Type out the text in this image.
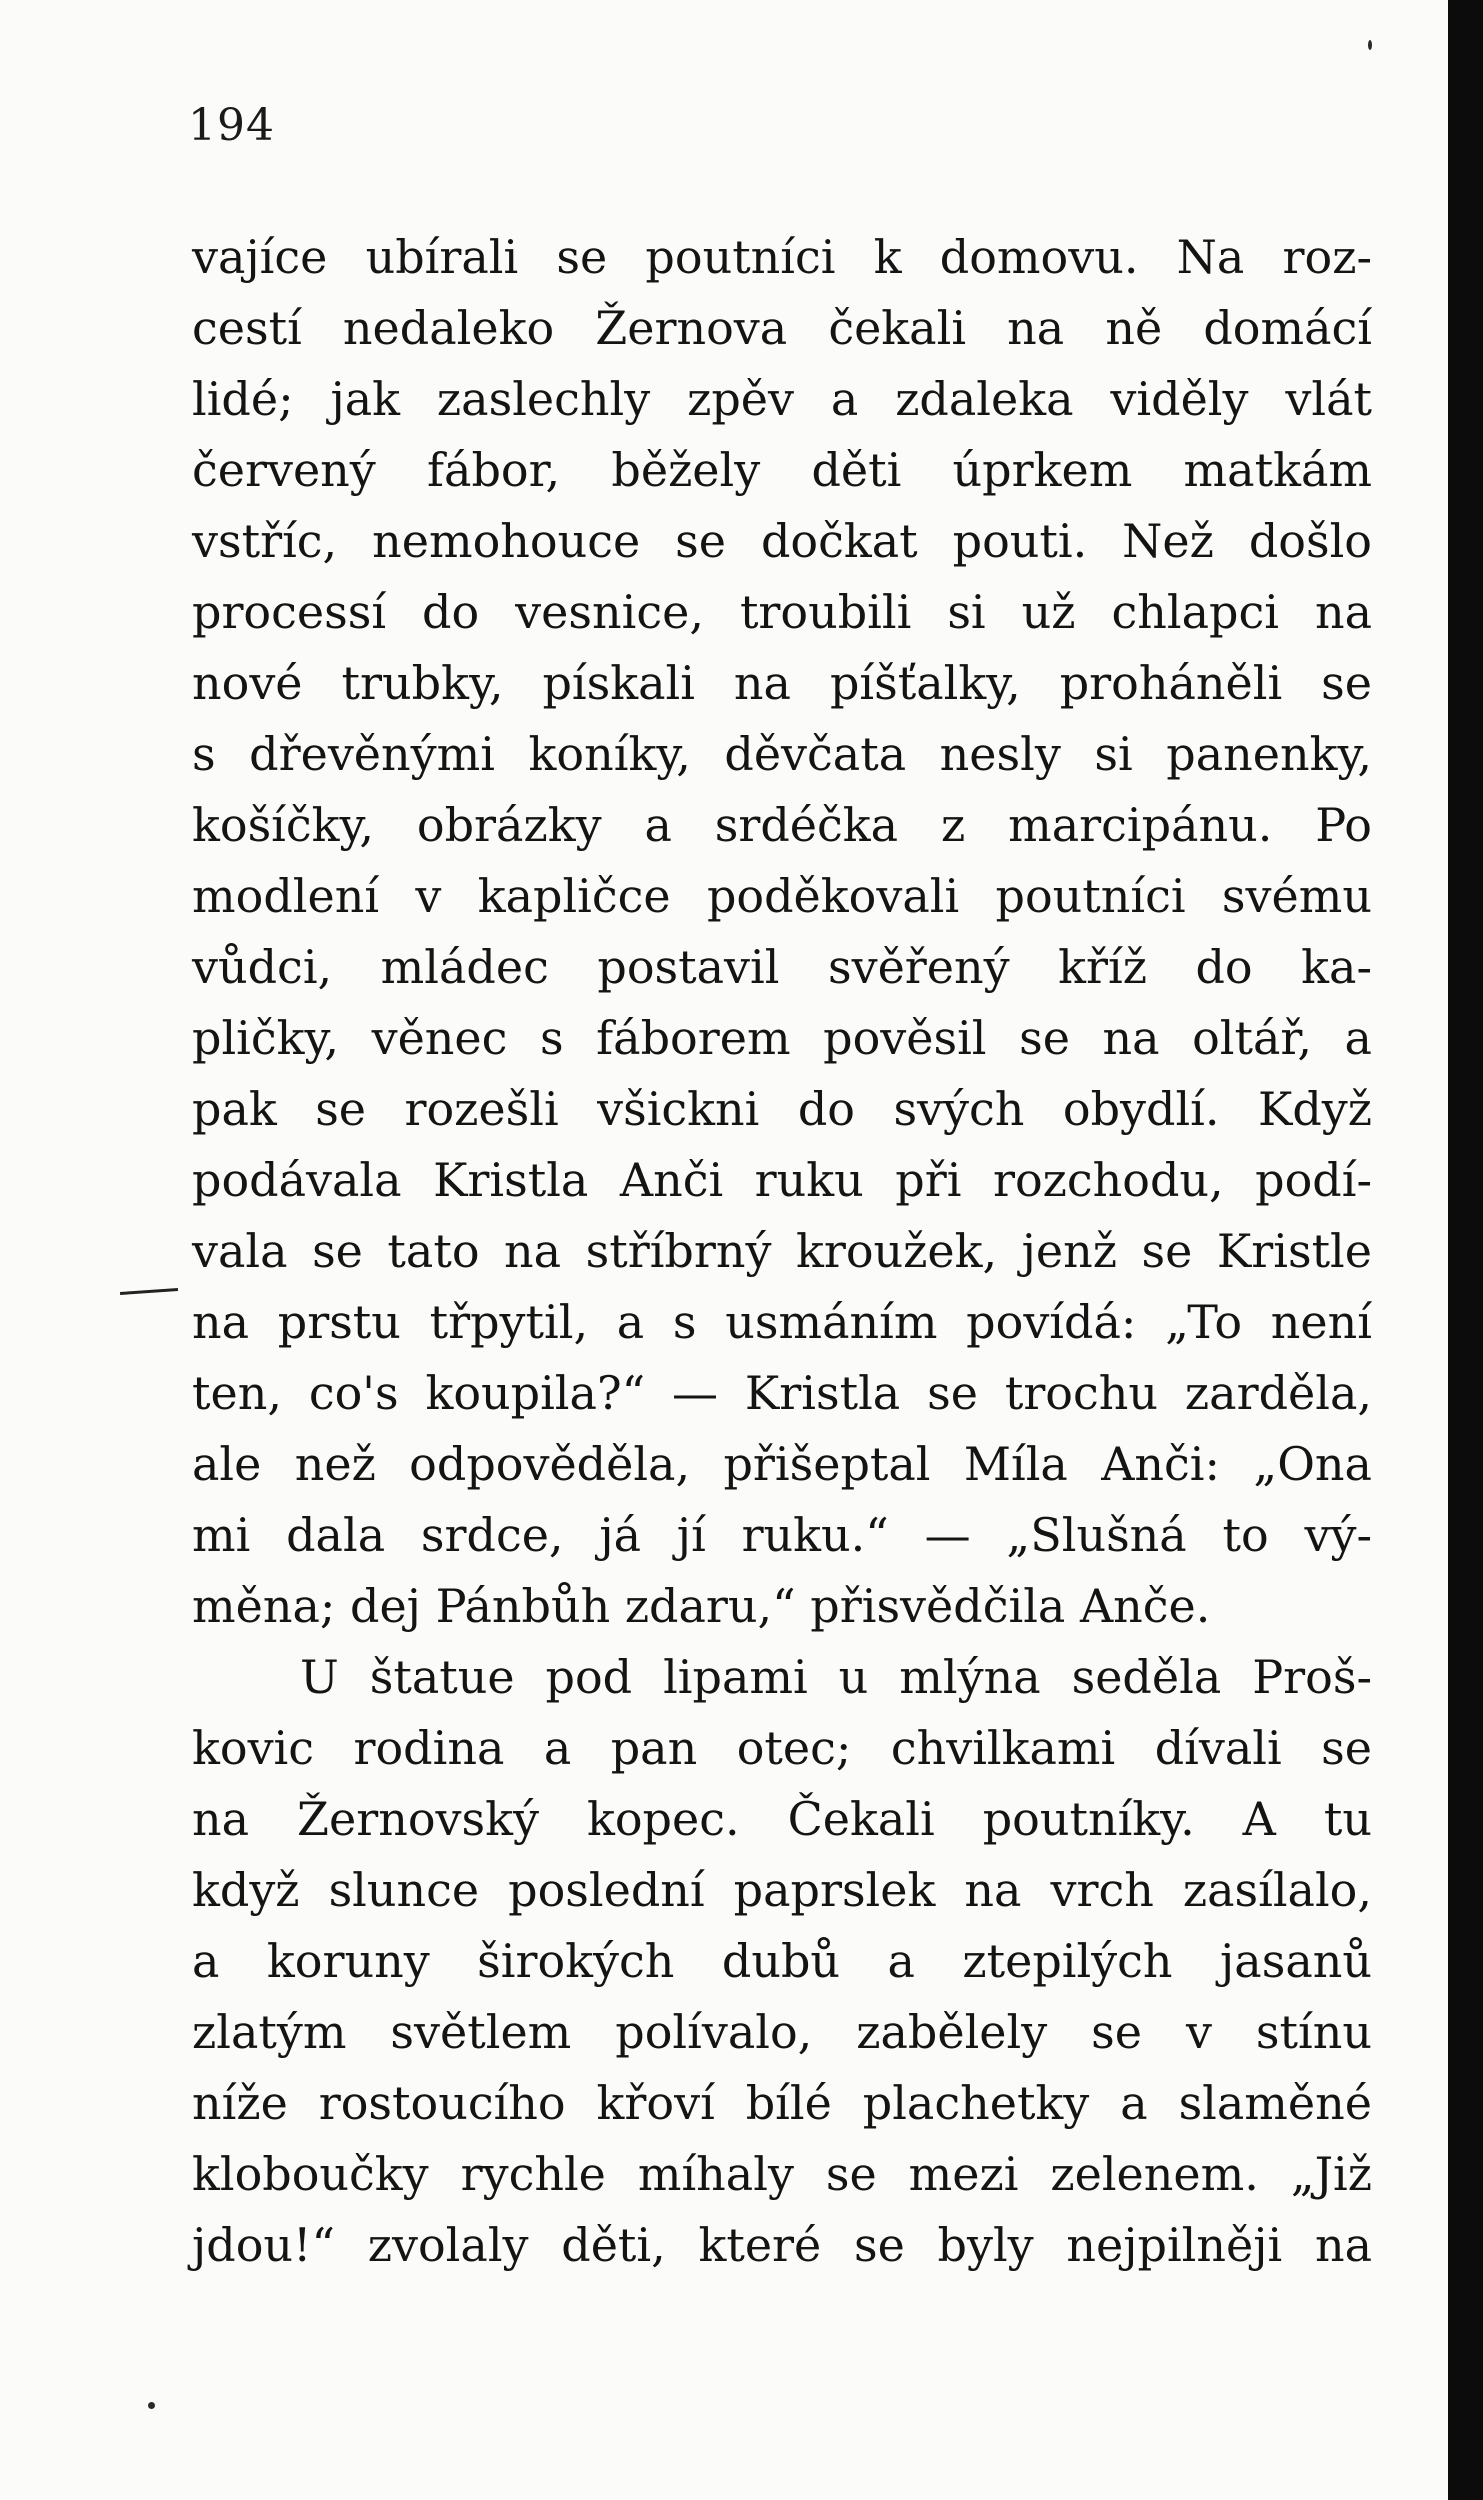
194
vajíce ubírali se poutníci k domovu. Na roz-
cestí nedaleko Žernova čekali na ně domácí
lidé; jak zaslechly zpěv a zdaleka viděly vlát
červený fábor, běžely děti úprkem matkám
vstříc, nemohouce se dočkat pouti. Než došlo
processí do vesnice, troubili si už chlapci na
nové trubky, pískali na píšťalky, proháněli se
s dřevěnými koníky, děvčata nesly si panenky,
košíčky, obrázky a srdéčka z marcipánu. Po
modlení v kapličce poděkovali poutníci svému
vůdci, mládec postavil svěřený kříž do ka-
pličky, věnec s fáborem pověsil se na oltář, a
pak se rozešli všickni do svých obydlí. Když
podávala Kristla Anči ruku při rozchodu, podí-
vala se tato na stříbrný kroužek, jenž se Kristle
na prstu třpytil, a s usmáním povídá: „To není
ten, co's koupila?“ — Kristla se trochu zarděla,
ale než odpověděla, přišeptal Míla Anči: „Ona
mi dala srdce, já jí ruku.“ — „Slušná to vý-
měna; dej Pánbůh zdaru,“ přisvědčila Anče.
U štatue pod lipami u mlýna seděla Proš-
kovic rodina a pan otec; chvilkami dívali se
na Žernovský kopec. Čekali poutníky. A tu
když slunce poslední paprslek na vrch zasílalo,
a koruny širokých dubů a ztepilých jasanů
zlatým světlem polívalo, zabělely se v stínu
níže rostoucího křoví bílé plachetky a slaměné
kloboučky rychle míhaly se mezi zelenem. „Již
jdou!“ zvolaly děti, které se byly nejpilněji na
